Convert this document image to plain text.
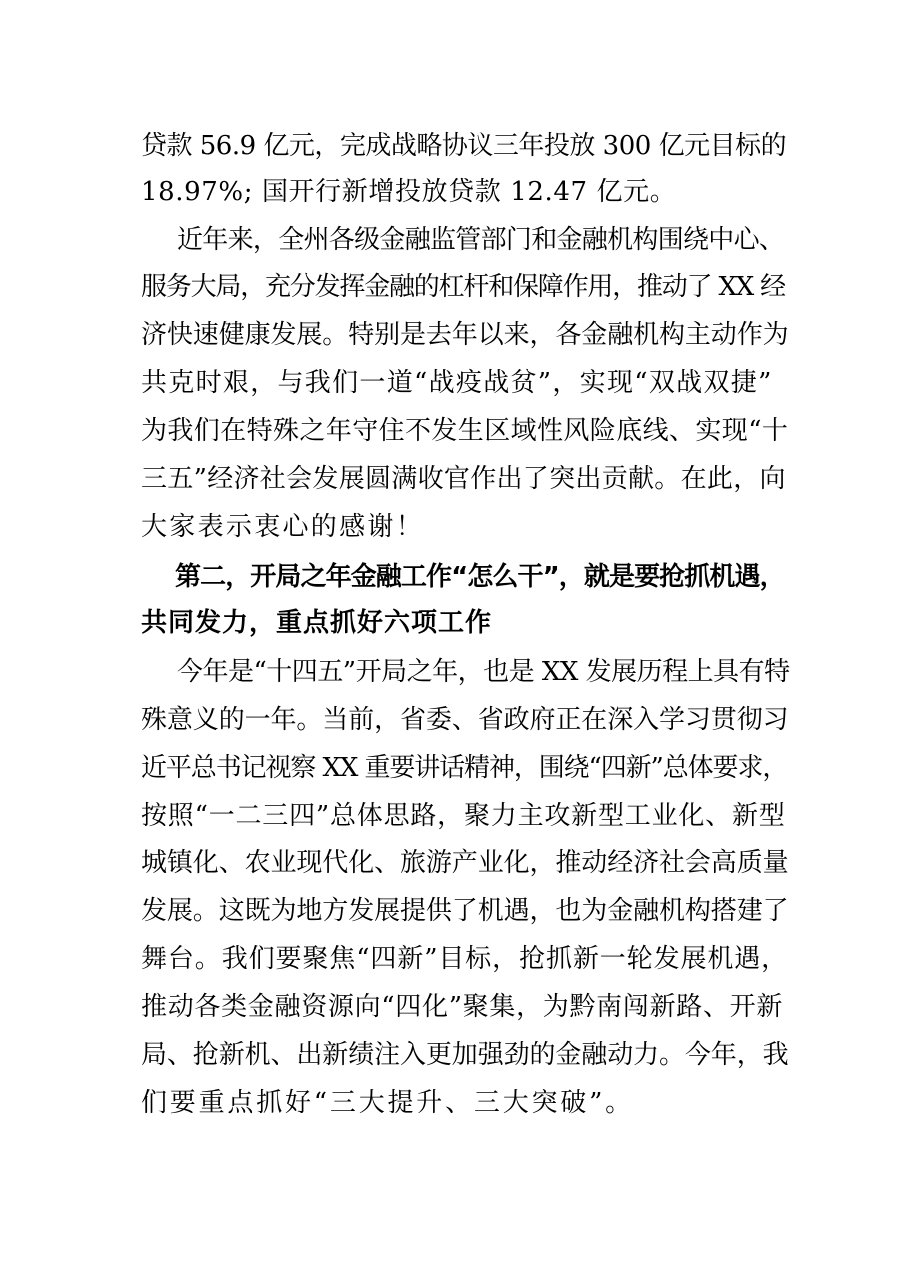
贷款 56.9 亿元，完成战略协议三年投放 300 亿元目标的
18.97%; 国开行新增投放贷款 12.47 亿元。
近年来，全州各级金融监管部门和金融机构围绕中心、
服务大局，充分发挥金融的杠杆和保障作用，推动了 XX 经
济快速健康发展。特别是去年以来，各金融机构主动作为
共克时艰，与我们一道“战疫战贫”，实现“双战双捷”
为我们在特殊之年守住不发生区域性风险底线、实现“十
三五”经济社会发展圆满收官作出了突出贡献。在此，向
大家表示衷心的感谢！
第二，开局之年金融工作“怎么干”，就是要抢抓机遇，
共同发力，重点抓好六项工作
今年是“十四五”开局之年，也是 XX 发展历程上具有特
殊意义的一年。当前，省委、省政府正在深入学习贯彻习
近平总书记视察 XX 重要讲话精神，围绕“四新”总体要求，
按照“一二三四”总体思路，聚力主攻新型工业化、新型
城镇化、农业现代化、旅游产业化，推动经济社会高质量
发展。这既为地方发展提供了机遇，也为金融机构搭建了
舞台。我们要聚焦“四新”目标，抢抓新一轮发展机遇，
推动各类金融资源向“四化”聚集，为黔南闯新路、开新
局、抢新机、出新绩注入更加强劲的金融动力。今年，我
们要重点抓好“三大提升、三大突破”。
